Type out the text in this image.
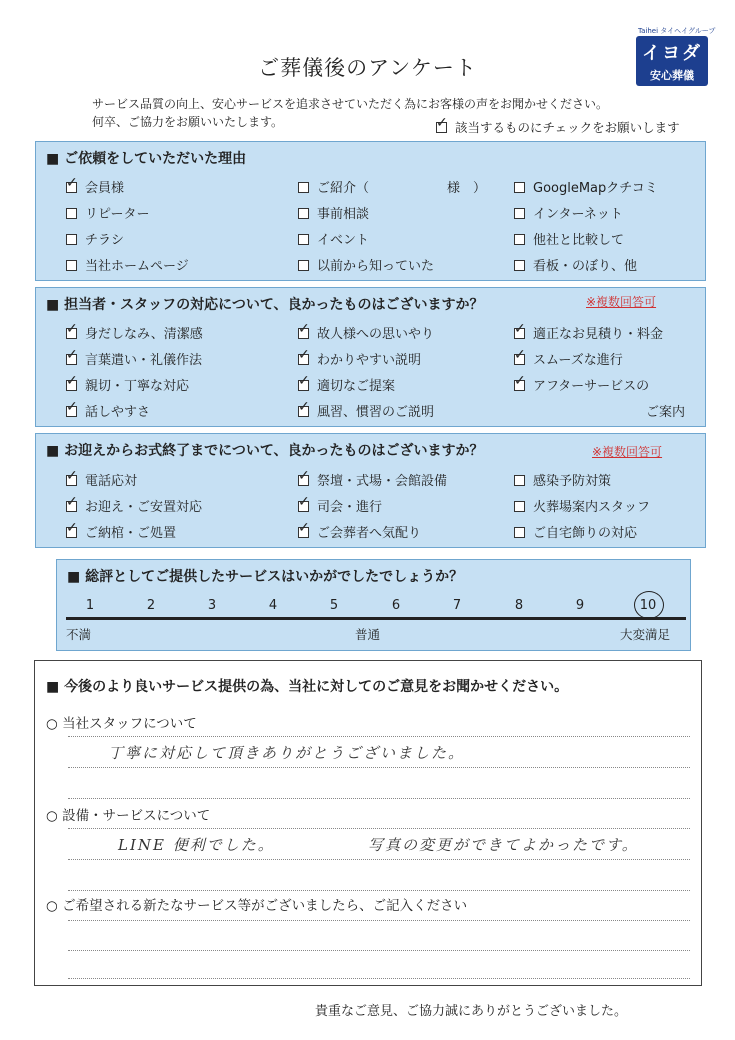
Taihei タイヘイグループ
イヨダ
安心葬儀
ご葬儀後のアンケート
サービス品質の向上、安心サービスを追求させていただく為にお客様の声をお聞かせください。
何卒、ご協力をお願いいたします。 ✓	該当するものにチェックをお願いします
■ ご依頼をしていただいた理由
✓会員様	ご紹介（　　　　　　様　）	GoogleMapクチコミ
リピーター	事前相談	インターネット
チラシ	イベント	他社と比較して
当社ホームページ	以前から知っていた	看板・のぼり、他
■ 担当者・スタッフの対応について、良かったものはございますか？	※複数回答可
✓身だしなみ、清潔感 ✓	故人様への思いやり ✓	適正なお見積り・料金
✓言葉遣い・礼儀作法 ✓	わかりやすい説明 ✓	スムーズな進行
✓親切・丁寧な対応 ✓	適切なご提案 ✓	アフターサービスの
✓話しやすさ ✓	風習、慣習のご説明	ご案内
■ お迎えからお式終了までについて、良かったものはございますか？	※複数回答可
✓電話応対 ✓	祭壇・式場・会館設備	感染予防対策
✓お迎え・ご安置対応 ✓	司会・進行	火葬場案内スタッフ
✓ご納棺・ご処置 ✓	ご会葬者へ気配り	ご自宅飾りの対応
■ 総評としてご提供したサービスはいかがでしたでしょうか？
1	2	3	4	5	6	7	8	9	10
不満	普通	大変満足
■ 今後のより良いサービス提供の為、当社に対してのご意見をお聞かせください。
○ 当社スタッフについて
丁寧に対応して頂きありがとうございました。
○ 設備・サービスについて
LINE 便利でした。	写真の変更ができてよかったです。
○ ご希望される新たなサービス等がございましたら、ご記入ください
貴重なご意見、ご協力誠にありがとうございました。
